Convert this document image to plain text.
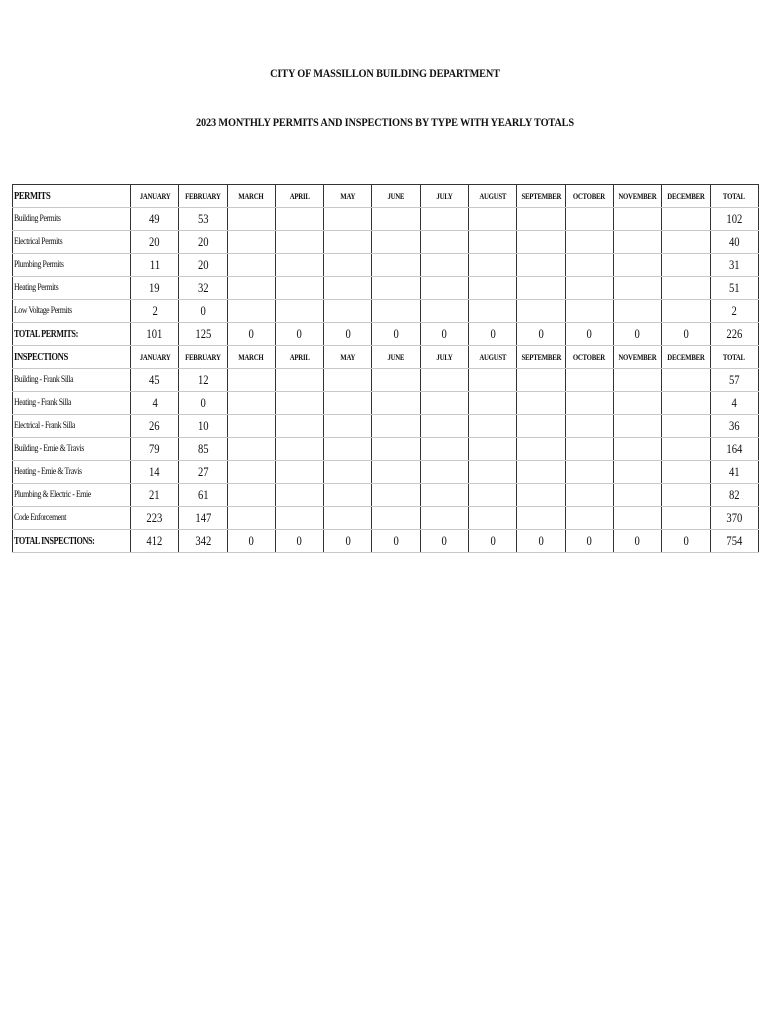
CITY OF MASSILLON BUILDING DEPARTMENT
2023 MONTHLY PERMITS AND INSPECTIONS BY TYPE WITH YEARLY TOTALS
PERMITS	JANUARY	FEBRUARY	MARCH	APRIL	MAY	JUNE	JULY	AUGUST	SEPTEMBER	OCTOBER	NOVEMBER	DECEMBER	TOTAL
Building Permits	49	53											102
Electrical Permits	20	20											40
Plumbing Permits	11	20											31
Heating Permits	19	32											51
Low Voltage Permits	2	0											2
TOTAL PERMITS:	101	125	0	0	0	0	0	0	0	0	0	0	226
INSPECTIONS	JANUARY	FEBRUARY	MARCH	APRIL	MAY	JUNE	JULY	AUGUST	SEPTEMBER	OCTOBER	NOVEMBER	DECEMBER	TOTAL
Building - Frank Silla	45	12											57
Heating - Frank Silla	4	0											4
Electrical - Frank Silla	26	10											36
Building - Ernie & Travis	79	85											164
Heating - Ernie & Travis	14	27											41
Plumbing & Electric - Ernie	21	61											82
Code Enforcement	223	147											370
TOTAL INSPECTIONS:	412	342	0	0	0	0	0	0	0	0	0	0	754
